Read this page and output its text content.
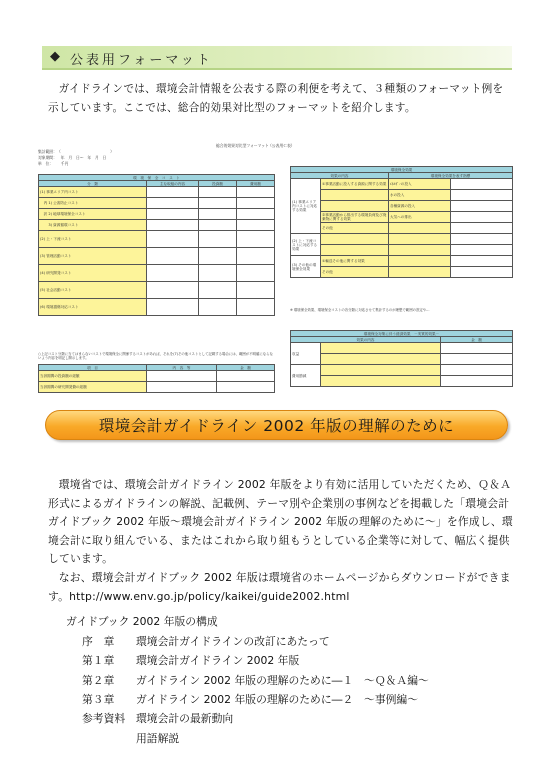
◆ 公表用フォーマット

ガイドラインでは、環境会計情報を公表する際の利便を考えて、３種類のフォーマット例を示しています。ここでは、総合的効果対比型のフォーマットを紹介します。

総合的効果対比型フォーマット （公表用Ｃ表）
集計範囲：（　　　　　　　　　　　　　）
対象期間：　年　月　日～　年　月　日
単　位：　　千円
環　境　保　全　コ　ス　ト			
分　類	主な取組の内容	投資額	費用額
(1) 事業エリア内コスト			
　内 1) 公害防止コスト			
　訳 2) 地球環境保全コスト			
　　 3) 資源循環コスト			
(2) 上・下流コスト			
(3) 管理活動コスト			
(4) 研究開発コスト			
(5) 社会活動コスト			
(6) 環境損傷対応コスト			

○上記コスト分類に当てはまらないコストで環境保全に関係するコストがあれば、それを(7)その他コストとして記載する場合には、範囲が不明確にならないよう内容を明記し開示します。

項　目	内　容　等	金　額
当該期間の投資額の総額		
当該期間の研究開発費の総額		
環境保全効果			
効果の内容		環境保全効果を表す指標	
(1) 事業エリア内コストに対応する効果	①事業活動に投入する資源に関する効果	ｴﾈﾙｷﾞｰの投入	
		水の投入	
		各種資源の投入	
	②事業活動から排出する環境負荷及び廃棄物に関する効果	大気への排出	
	その他		
(2) 上・下流コストに対応する効果			

(3) その他の環境保全効果	①輸送その他に関する効果		
	その他		

※ 環境保全効果、環境保全コストの各分類に対応させて集計するのが理想で範囲の設定や…

環境保全対策に伴う経済効果　－実質的効果－		
効果の内容		金　額
収益		

費用節減		

環境会計ガイドライン 2002 年版の理解のために

環境省では、環境会計ガイドライン 2002 年版をより有効に活用していただくため、Ｑ＆Ａ形式によるガイドラインの解説、記載例、テーマ別や企業別の事例などを掲載した「環境会計ガイドブック 2002 年版～環境会計ガイドライン 2002 年版の理解のために～」を作成し、環境会計に取り組んでいる、またはこれから取り組もうとしている企業等に対して、幅広く提供しています。

なお、環境会計ガイドブック 2002 年版は環境省のホームページからダウンロードができます。http://www.env.go.jp/policy/kaikei/guide2002.html

ガイドブック 2002 年版の構成
序　章	環境会計ガイドラインの改訂にあたって
第１章	環境会計ガイドライン 2002 年版
第２章	ガイドライン 2002 年版の理解のために―１　～Ｑ＆Ａ編～
第３章	ガイドライン 2002 年版の理解のために―２　～事例編～
参考資料	環境会計の最新動向
用語解説
